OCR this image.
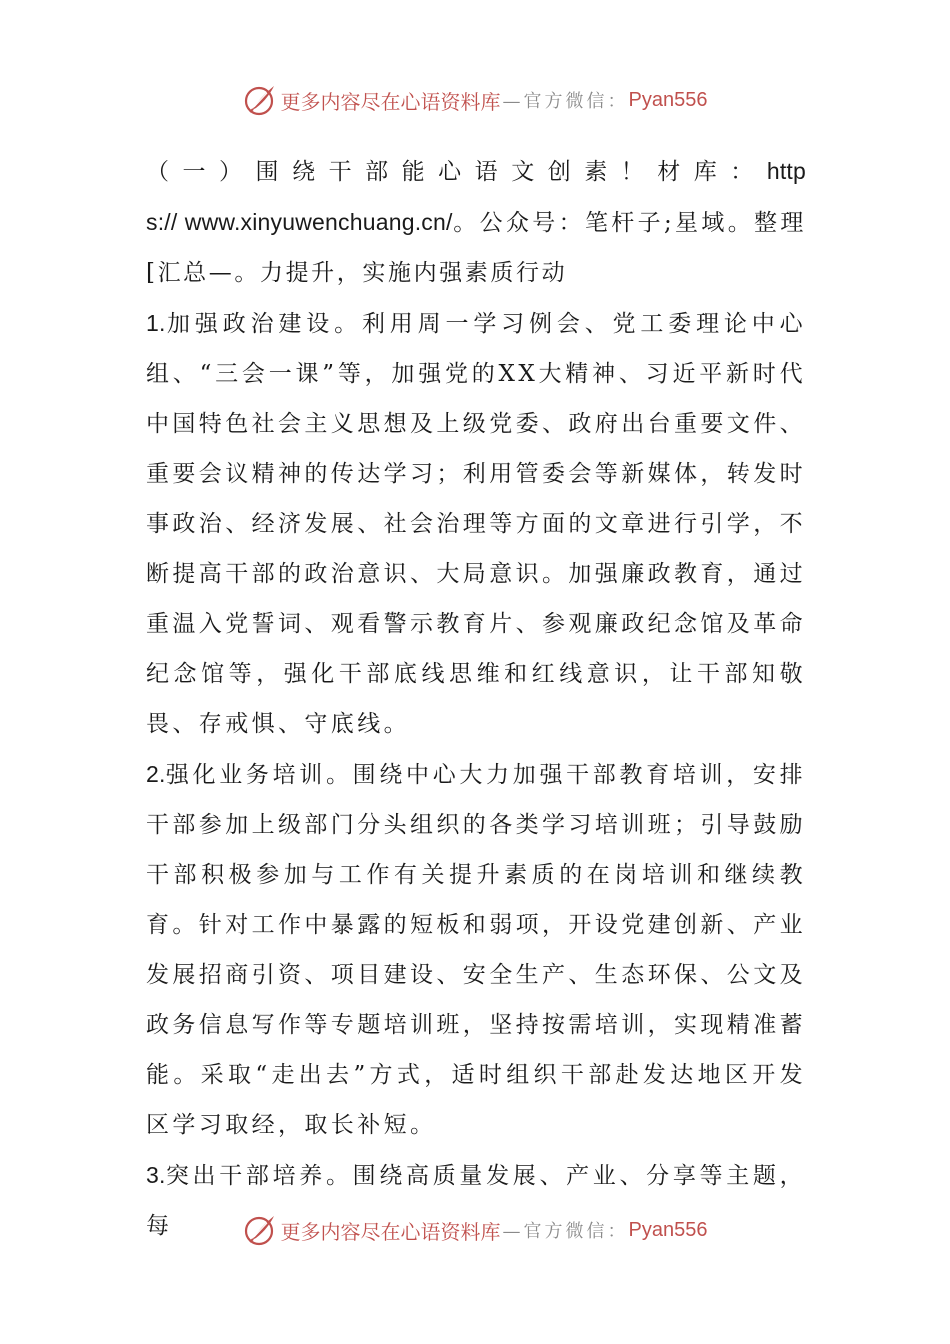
更多内容尽在心语资料库 —官方微信： Pyan556

（一）围绕干部能心语文创素！材库：https:// www.xinyuwenchuang.cn/。公众号：笔杆子;星域。整理[汇总—。力提升，实施内强素质行动

1.加强政治建设。利用周一学习例会、党工委理论中心组、“三会一课”等，加强党的XX大精神、习近平新时代中国特色社会主义思想及上级党委、政府出台重要文件、重要会议精神的传达学习；利用管委会等新媒体，转发时事政治、经济发展、社会治理等方面的文章进行引学，不断提高干部的政治意识、大局意识。加强廉政教育，通过重温入党誓词、观看警示教育片、参观廉政纪念馆及革命纪念馆等，强化干部底线思维和红线意识，让干部知敬畏、存戒惧、守底线。

2.强化业务培训。围绕中心大力加强干部教育培训，安排干部参加上级部门分头组织的各类学习培训班；引导鼓励干部积极参加与工作有关提升素质的在岗培训和继续教育。针对工作中暴露的短板和弱项，开设党建创新、产业发展招商引资、项目建设、安全生产、生态环保、公文及政务信息写作等专题培训班，坚持按需培训，实现精准蓄能。采取“走出去”方式，适时组织干部赴发达地区开发区学习取经，取长补短。

3.突出干部培养。围绕高质量发展、产业、分享等主题，每	更多内容尽在心语资料库 —官方微信： Pyan556
